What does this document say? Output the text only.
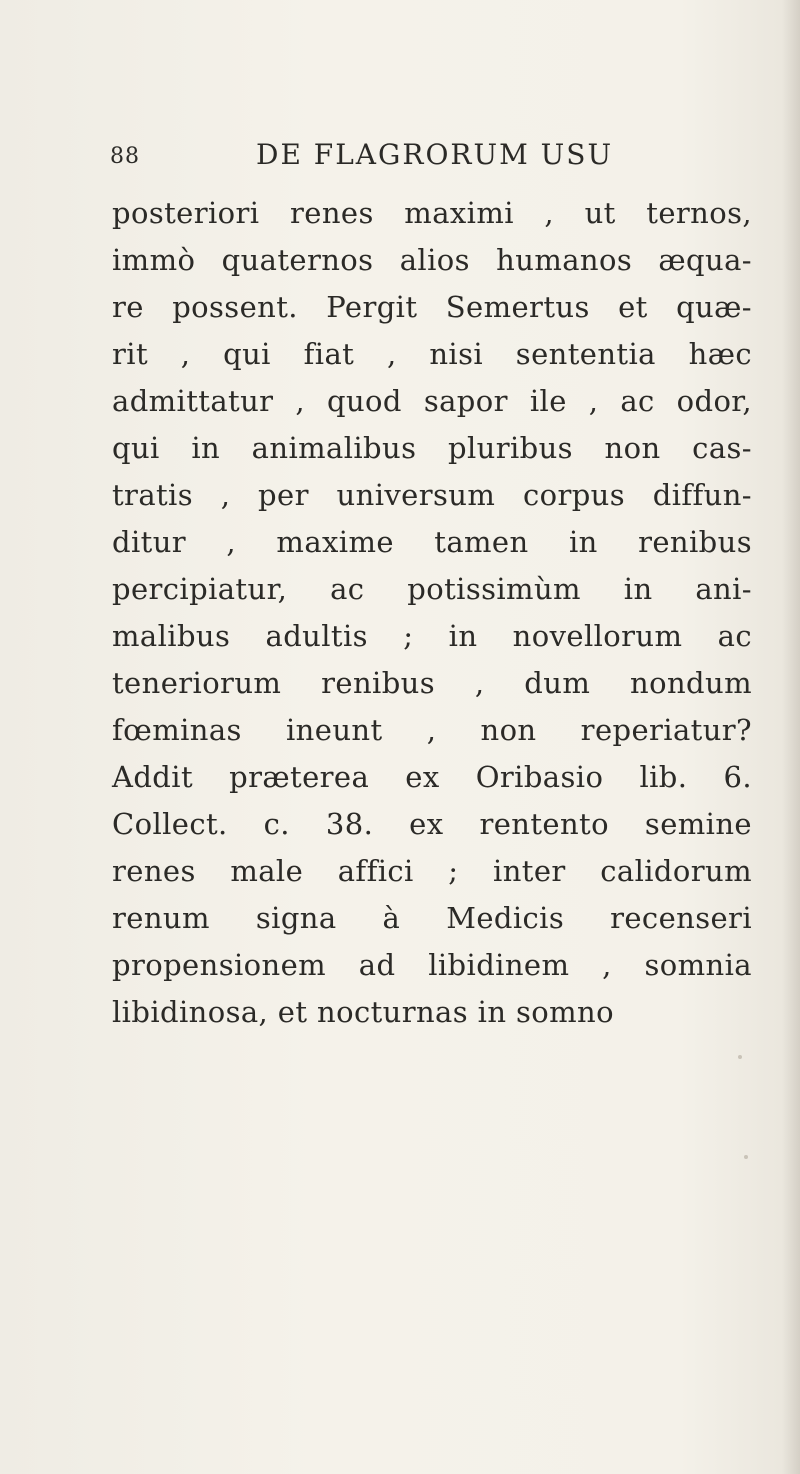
88	DE FLAGRORUM USU
posteriori renes maximi , ut ternos,
immò quaternos alios humanos æqua-
re possent. Pergit Semertus et quæ-
rit , qui fiat , nisi sententia hæc
admittatur , quod sapor ile , ac odor,
qui in animalibus pluribus non cas-
tratis , per universum corpus diffun-
ditur , maxime tamen in renibus
percipiatur, ac potissimùm in ani-
malibus adultis ; in novellorum ac
teneriorum renibus , dum nondum
fœminas ineunt , non reperiatur?
Addit præterea ex Oribasio lib. 6.
Collect. c. 38. ex rentento semine
renes male affici ; inter calidorum
renum signa à Medicis recenseri
propensionem ad libidinem , somnia
libidinosa, et nocturnas in somno
